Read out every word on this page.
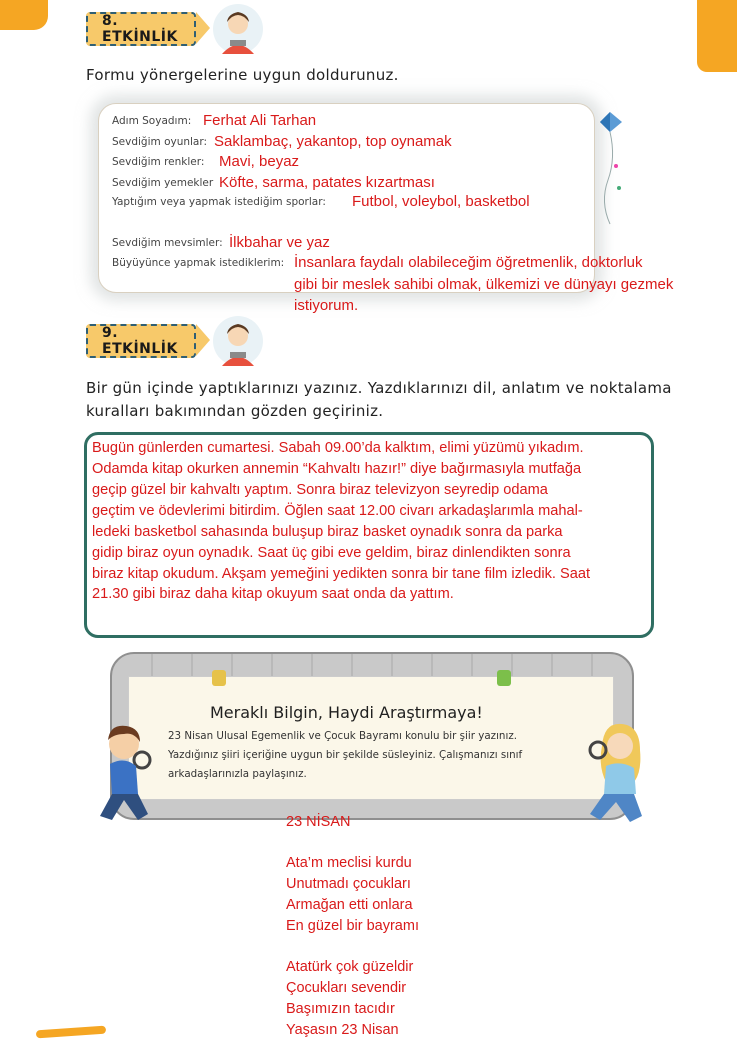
8. ETKİNLİK
Formu yönergelerine uygun doldurunuz.
Adım Soyadım: Ferhat Ali Tarhan
Sevdiğim oyunlar: Saklambaç, yakantop, top oynamak
Sevdiğim renkler: Mavi, beyaz
Sevdiğim yemekler Köfte, sarma, patates kızartması
Yaptığım veya yapmak istediğim sporlar: Futbol, voleybol, basketbol
Sevdiğim mevsimler: İlkbahar ve yaz
Büyüyünce yapmak istediklerim: İnsanlara faydalı olabileceğim öğretmenlik, doktorluk
gibi bir meslek sahibi olmak, ülkemizi ve dünyayı gezmek
istiyorum.
9. ETKİNLİK
Bir gün içinde yaptıklarınızı yazınız. Yazdıklarınızı dil, anlatım ve noktalama
kuralları bakımından gözden geçiriniz.
Bugün günlerden cumartesi. Sabah 09.00’da kalktım, elimi yüzümü yıkadım.
Odamda kitap okurken annemin “Kahvaltı hazır!” diye bağırmasıyla mutfağa
geçip güzel bir kahvaltı yaptım. Sonra biraz televizyon seyredip odama
geçtim ve ödevlerimi bitirdim. Öğlen saat 12.00 civarı arkadaşlarımla mahal-
ledeki basketbol sahasında buluşup biraz basket oynadık sonra da parka
gidip biraz oyun oynadık. Saat üç gibi eve geldim, biraz dinlendikten sonra
biraz kitap okudum. Akşam yemeğini yedikten sonra bir tane film izledik. Saat
21.30 gibi biraz daha kitap okuyum saat onda da yattım.
Meraklı Bilgin, Haydi Araştırmaya!
23 Nisan Ulusal Egemenlik ve Çocuk Bayramı konulu bir şiir yazınız.
Yazdığınız şiiri içeriğine uygun bir şekilde süsleyiniz. Çalışmanızı sınıf
arkadaşlarınızla paylaşınız.
23 NİSAN
Ata’m meclisi kurdu
Unutmadı çocukları
Armağan etti onlara
En güzel bir bayramı
Atatürk çok güzeldir
Çocukları sevendir
Başımızın tacıdır
Yaşasın 23 Nisan
